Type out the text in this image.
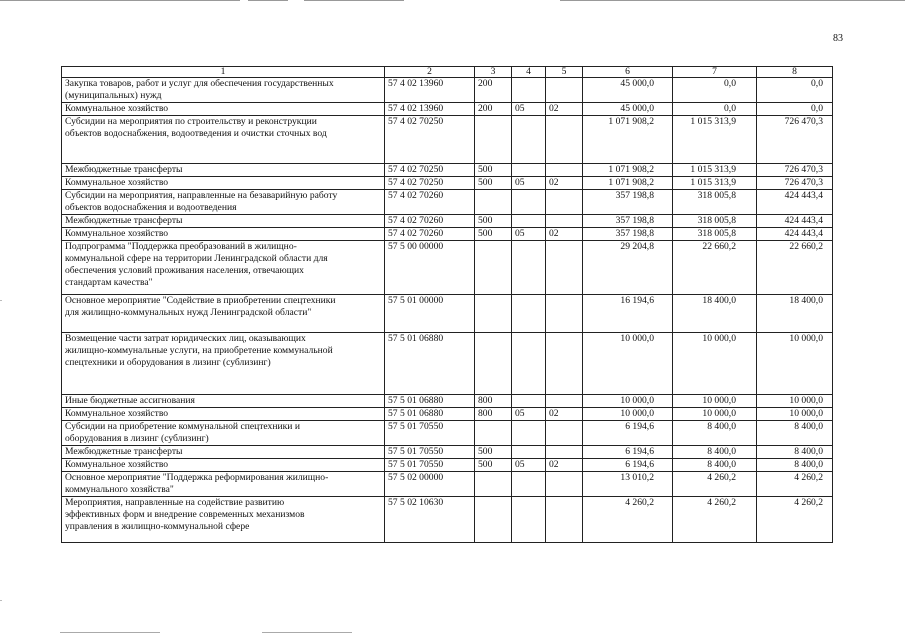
83
1	2	3	4	5	6	7	8
Закупка товаров, работ и услуг для обеспечения государственных
(муниципальных) нужд	57 4 02 13960	200			45 000,0	0,0	0,0
Коммунальное хозяйство	57 4 02 13960	200	05	02	45 000,0	0,0	0,0
Субсидии на мероприятия по строительству и реконструкции
объектов водоснабжения, водоотведения и очистки сточных вод	57 4 02 70250				1 071 908,2	1 015 313,9	726 470,3
Межбюджетные трансферты	57 4 02 70250	500			1 071 908,2	1 015 313,9	726 470,3
Коммунальное хозяйство	57 4 02 70250	500	05	02	1 071 908,2	1 015 313,9	726 470,3
Субсидии на мероприятия, направленные на безаварийную работу
объектов водоснабжения и водоотведения	57 4 02 70260				357 198,8	318 005,8	424 443,4
Межбюджетные трансферты	57 4 02 70260	500			357 198,8	318 005,8	424 443,4
Коммунальное хозяйство	57 4 02 70260	500	05	02	357 198,8	318 005,8	424 443,4
Подпрограмма "Поддержка преобразований в жилищно-
коммунальной сфере на территории Ленинградской области для
обеспечения условий проживания населения, отвечающих
стандартам качества"	57 5 00 00000				29 204,8	22 660,2	22 660,2
Основное мероприятие "Содействие в приобретении спецтехники
для жилищно-коммунальных нужд Ленинградской области"	57 5 01 00000				16 194,6	18 400,0	18 400,0
Возмещение части затрат юридических лиц, оказывающих
жилищно-коммунальные услуги, на приобретение коммунальной
спецтехники и оборудования в лизинг (сублизинг)	57 5 01 06880				10 000,0	10 000,0	10 000,0
Иные бюджетные ассигнования	57 5 01 06880	800			10 000,0	10 000,0	10 000,0
Коммунальное хозяйство	57 5 01 06880	800	05	02	10 000,0	10 000,0	10 000,0
Субсидии на приобретение коммунальной спецтехники и
оборудования в лизинг (сублизинг)	57 5 01 70550				6 194,6	8 400,0	8 400,0
Межбюджетные трансферты	57 5 01 70550	500			6 194,6	8 400,0	8 400,0
Коммунальное хозяйство	57 5 01 70550	500	05	02	6 194,6	8 400,0	8 400,0
Основное мероприятие "Поддержка реформирования жилищно-
коммунального хозяйства"	57 5 02 00000				13 010,2	4 260,2	4 260,2
Мероприятия, направленные на содействие развитию
эффективных форм и внедрение современных механизмов
управления в жилищно-коммунальной сфере	57 5 02 10630				4 260,2	4 260,2	4 260,2
